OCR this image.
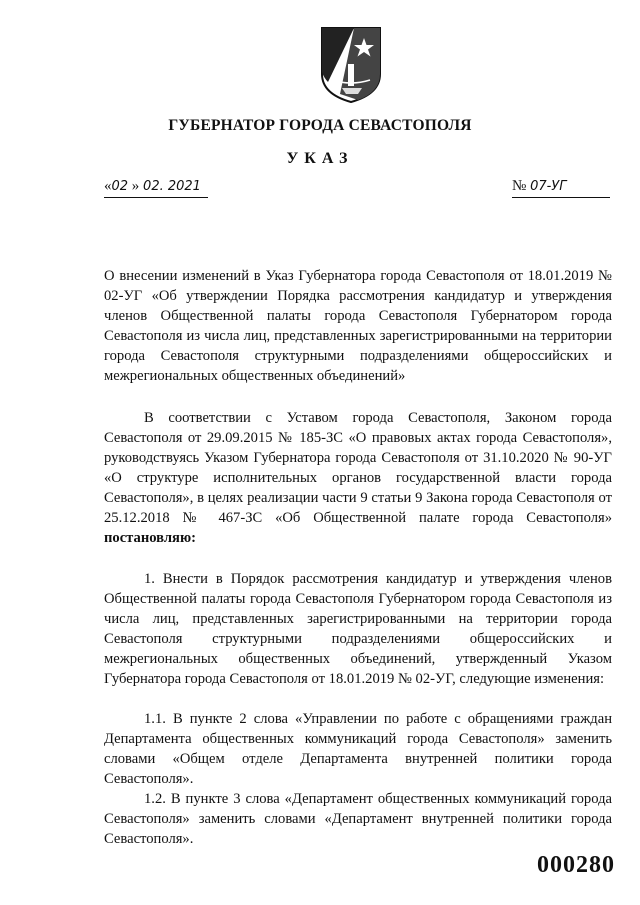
ГУБЕРНАТОР ГОРОДА СЕВАСТОПОЛЯ
УКАЗ
«02 » 02. 2021	№ 07-УГ
О внесении изменений в Указ Губернатора города Севастополя от 18.01.2019 № 02-УГ «Об утверждении Порядка рассмотрения кандидатур и утверждения членов Общественной палаты города Севастополя Губернатором города Севастополя из числа лиц, представленных зарегистрированными на территории города Севастополя структурными подразделениями общероссийских и межрегиональных общественных объединений»
В соответствии с Уставом города Севастополя, Законом города Севастополя от 29.09.2015 № 185-ЗС «О правовых актах города Севастополя», руководствуясь Указом Губернатора города Севастополя от 31.10.2020 № 90-УГ «О структуре исполнительных органов государственной власти города Севастополя», в целях реализации части 9 статьи 9 Закона города Севастополя от 25.12.2018 № 467-ЗС «Об Общественной палате города Севастополя» постановляю:
1. Внести в Порядок рассмотрения кандидатур и утверждения членов Общественной палаты города Севастополя Губернатором города Севастополя из числа лиц, представленных зарегистрированными на территории города Севастополя структурными подразделениями общероссийских и межрегиональных общественных объединений, утвержденный Указом Губернатора города Севастополя от 18.01.2019 № 02-УГ, следующие изменения:
1.1. В пункте 2 слова «Управлении по работе с обращениями граждан Департамента общественных коммуникаций города Севастополя» заменить словами «Общем отделе Департамента внутренней политики города Севастополя».
1.2. В пункте 3 слова «Департамент общественных коммуникаций города Севастополя» заменить словами «Департамент внутренней политики города Севастополя».
000280
